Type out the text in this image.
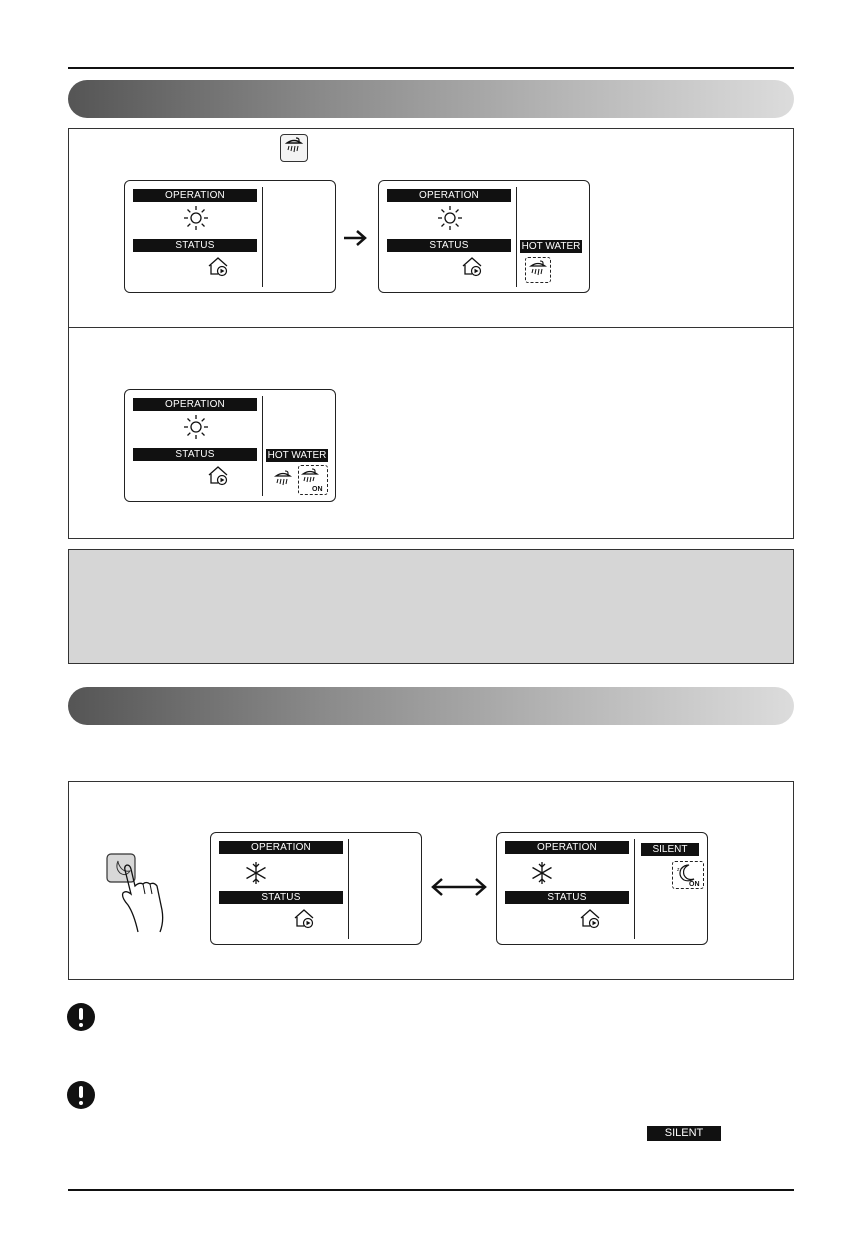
OPERATION
STATUS
OPERATION
STATUS	HOT WATER
OPERATION
STATUS	HOT WATER
ON
OPERATION
STATUS
OPERATION
STATUS
SILENT
z
ON
SILENT
